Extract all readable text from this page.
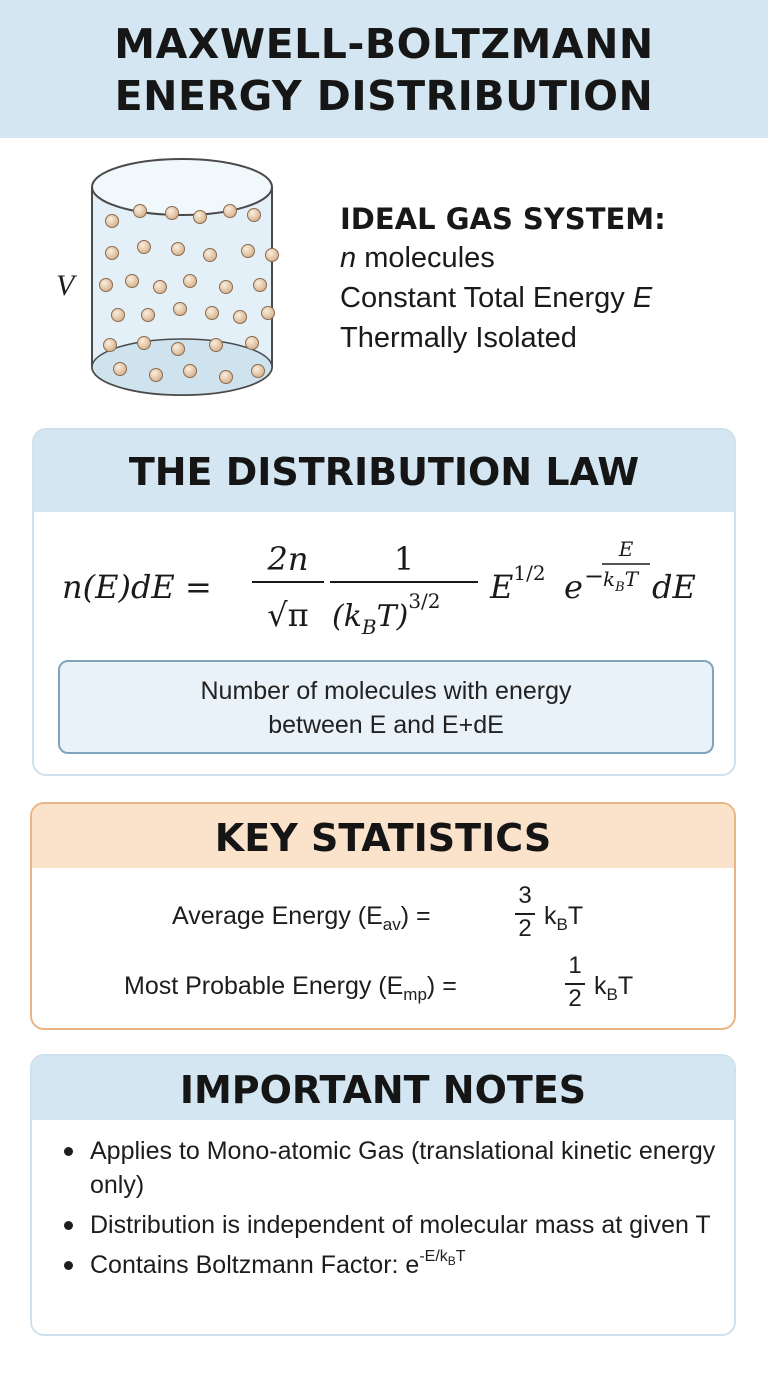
MAXWELL-BOLTZMANN
ENERGY DISTRIBUTION
V
IDEAL GAS SYSTEM:
n molecules
Constant Total Energy E
Thermally Isolated
THE DISTRIBUTION LAW
n(E)dE =
2n
√π
1
$(k_BT)^{3/2}$ $E^{1/2}$ e −
E
$k_BT$ dE
Number of molecules with energy
between E and E+dE
KEY STATISTICS
Average Energy $(E_{av})$ =
3
2 $k_BT$
Most Probable Energy $(E_{mp})$ =
1
2 $k_BT$
IMPORTANT NOTES
Applies to Mono-atomic Gas (translational kinetic energy only)
Distribution is independent of molecular mass at given T
Contains Boltzmann Factor: $e^{-E/k_BT}$
